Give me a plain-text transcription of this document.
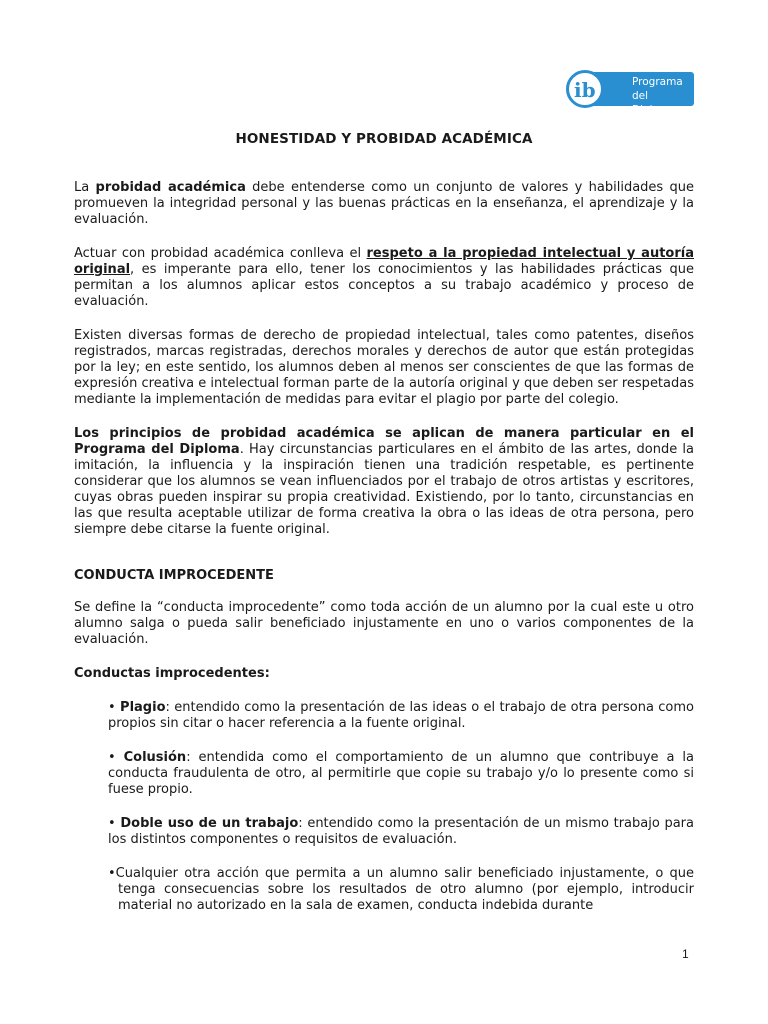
Programa
del Diploma
ib
HONESTIDAD Y PROBIDAD ACADÉMICA

La probidad académica debe entenderse como un conjunto de valores y habilidades que promueven la integridad personal y las buenas prácticas en la enseñanza, el aprendizaje y la evaluación.

Actuar con probidad académica conlleva el respeto a la propiedad intelectual y autoría original, es imperante para ello, tener los conocimientos y las habilidades prácticas que permitan a los alumnos aplicar estos conceptos a su trabajo académico y proceso de evaluación.

Existen diversas formas de derecho de propiedad intelectual, tales como patentes, diseños registrados, marcas registradas, derechos morales y derechos de autor que están protegidas por la ley; en este sentido, los alumnos deben al menos ser conscientes de que las formas de expresión creativa e intelectual forman parte de la autoría original y que deben ser respetadas mediante la implementación de medidas para evitar el plagio por parte del colegio.

Los principios de probidad académica se aplican de manera particular en el Programa del Diploma. Hay circunstancias particulares en el ámbito de las artes, donde la imitación, la influencia y la inspiración tienen una tradición respetable, es pertinente considerar que los alumnos se vean influenciados por el trabajo de otros artistas y escritores, cuyas obras pueden inspirar su propia creatividad. Existiendo, por lo tanto, circunstancias en las que resulta aceptable utilizar de forma creativa la obra o las ideas de otra persona, pero siempre debe citarse la fuente original.

CONDUCTA IMPROCEDENTE

Se define la “conducta improcedente” como toda acción de un alumno por la cual este u otro alumno salga o pueda salir beneficiado injustamente en uno o varios componentes de la evaluación.

Conductas improcedentes:

• Plagio: entendido como la presentación de las ideas o el trabajo de otra persona como propios sin citar o hacer referencia a la fuente original.

• Colusión: entendida como el comportamiento de un alumno que contribuye a la conducta fraudulenta de otro, al permitirle que copie su trabajo y/o lo presente como si fuese propio.

• Doble uso de un trabajo: entendido como la presentación de un mismo trabajo para los distintos componentes o requisitos de evaluación.

•Cualquier otra acción que permita a un alumno salir beneficiado injustamente, o que tenga consecuencias sobre los resultados de otro alumno (por ejemplo, introducir material no autorizado en la sala de examen, conducta indebida durante

1
